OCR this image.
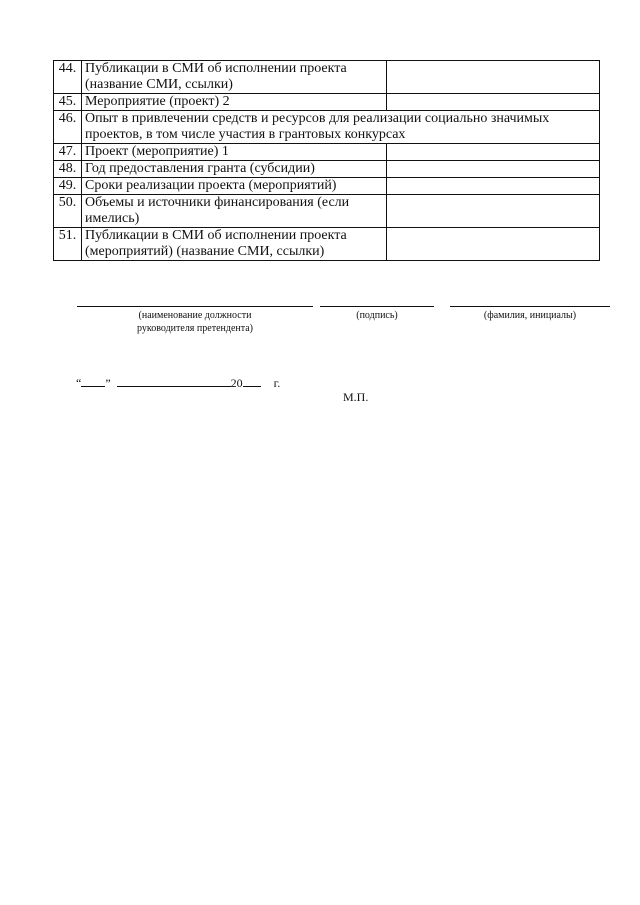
44.	Публикации в СМИ об исполнении проекта (название СМИ, ссылки)	
45.	Мероприятие (проект) 2	
46.	Опыт в привлечении средств и ресурсов для реализации социально значимых проектов, в том числе участия в грантовых конкурсах	
47.	Проект (мероприятие) 1	
48.	Год предоставления гранта (субсидии)	
49.	Сроки реализации проекта (мероприятий)	
50.	Объемы и источники финансирования (если имелись)	
51.	Публикации в СМИ об исполнении проекта (мероприятий) (название СМИ, ссылки)	
(наименование должности
руководителя претендента)
(подпись)	(фамилия, инициалы)
“ ”	20	г.
М.П.
